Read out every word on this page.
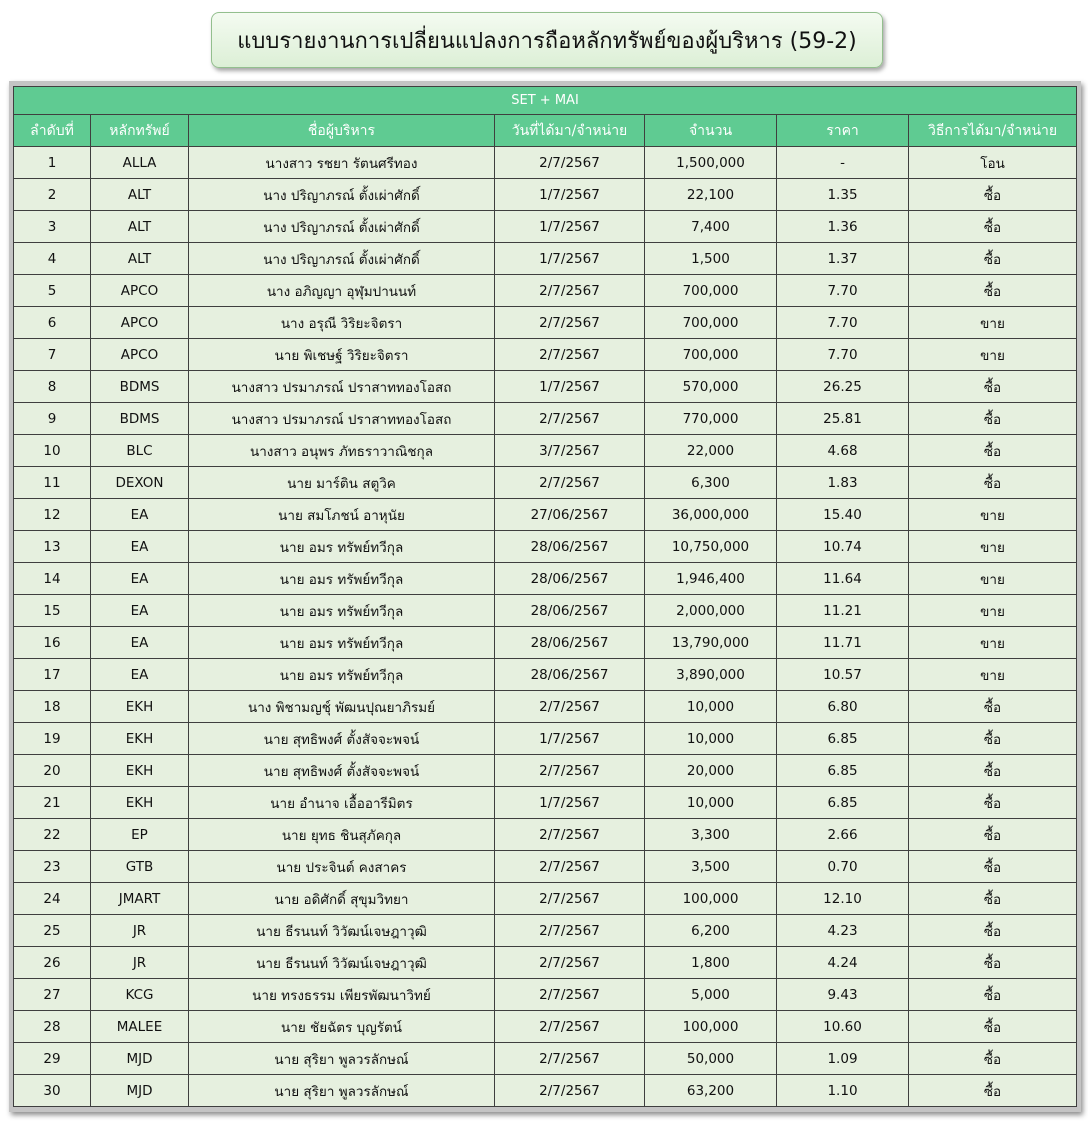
แบบรายงานการเปลี่ยนแปลงการถือหลักทรัพย์ของผู้บริหาร (59-2)
SET + MAI						
ลำดับที่	หลักทรัพย์	ชื่อผู้บริหาร	วันที่ได้มา/จำหน่าย	จำนวน	ราคา	วิธีการได้มา/จำหน่าย
1	ALLA	นางสาว รชยา รัตนศรีทอง	2/7/2567	1,500,000	-	โอน
2	ALT	นาง ปริญาภรณ์ ตั้งเผ่าศักดิ์	1/7/2567	22,100	1.35	ซื้อ
3	ALT	นาง ปริญาภรณ์ ตั้งเผ่าศักดิ์	1/7/2567	7,400	1.36	ซื้อ
4	ALT	นาง ปริญาภรณ์ ตั้งเผ่าศักดิ์	1/7/2567	1,500	1.37	ซื้อ
5	APCO	นาง อภิญญา อุฬุมปานนท์	2/7/2567	700,000	7.70	ซื้อ
6	APCO	นาง อรุณี วิริยะจิตรา	2/7/2567	700,000	7.70	ขาย
7	APCO	นาย พิเชษฐ์ วิริยะจิตรา	2/7/2567	700,000	7.70	ขาย
8	BDMS	นางสาว ปรมาภรณ์ ปราสาททองโอสถ	1/7/2567	570,000	26.25	ซื้อ
9	BDMS	นางสาว ปรมาภรณ์ ปราสาททองโอสถ	2/7/2567	770,000	25.81	ซื้อ
10	BLC	นางสาว อนุพร ภัทธราวาณิชกุล	3/7/2567	22,000	4.68	ซื้อ
11	DEXON	นาย มาร์ติน สตูวิค	2/7/2567	6,300	1.83	ซื้อ
12	EA	นาย สมโภชน์ อาหุนัย	27/06/2567	36,000,000	15.40	ขาย
13	EA	นาย อมร ทรัพย์ทวีกุล	28/06/2567	10,750,000	10.74	ขาย
14	EA	นาย อมร ทรัพย์ทวีกุล	28/06/2567	1,946,400	11.64	ขาย
15	EA	นาย อมร ทรัพย์ทวีกุล	28/06/2567	2,000,000	11.21	ขาย
16	EA	นาย อมร ทรัพย์ทวีกุล	28/06/2567	13,790,000	11.71	ขาย
17	EA	นาย อมร ทรัพย์ทวีกุล	28/06/2567	3,890,000	10.57	ขาย
18	EKH	นาง พิชามญชุ์ พัฒนปุณยาภิรมย์	2/7/2567	10,000	6.80	ซื้อ
19	EKH	นาย สุทธิพงศ์ ตั้งสัจจะพจน์	1/7/2567	10,000	6.85	ซื้อ
20	EKH	นาย สุทธิพงศ์ ตั้งสัจจะพจน์	2/7/2567	20,000	6.85	ซื้อ
21	EKH	นาย อำนาจ เอื้ออารีมิตร	1/7/2567	10,000	6.85	ซื้อ
22	EP	นาย ยุทธ ชินสุภัคกุล	2/7/2567	3,300	2.66	ซื้อ
23	GTB	นาย ประจินต์ คงสาคร	2/7/2567	3,500	0.70	ซื้อ
24	JMART	นาย อดิศักดิ์ สุขุมวิทยา	2/7/2567	100,000	12.10	ซื้อ
25	JR	นาย ธีรนนท์ วิวัฒน์เจษฎาวุฒิ	2/7/2567	6,200	4.23	ซื้อ
26	JR	นาย ธีรนนท์ วิวัฒน์เจษฎาวุฒิ	2/7/2567	1,800	4.24	ซื้อ
27	KCG	นาย ทรงธรรม เพียรพัฒนาวิทย์	2/7/2567	5,000	9.43	ซื้อ
28	MALEE	นาย ชัยฉัตร บุญรัตน์	2/7/2567	100,000	10.60	ซื้อ
29	MJD	นาย สุริยา พูลวรลักษณ์	2/7/2567	50,000	1.09	ซื้อ
30	MJD	นาย สุริยา พูลวรลักษณ์	2/7/2567	63,200	1.10	ซื้อ
